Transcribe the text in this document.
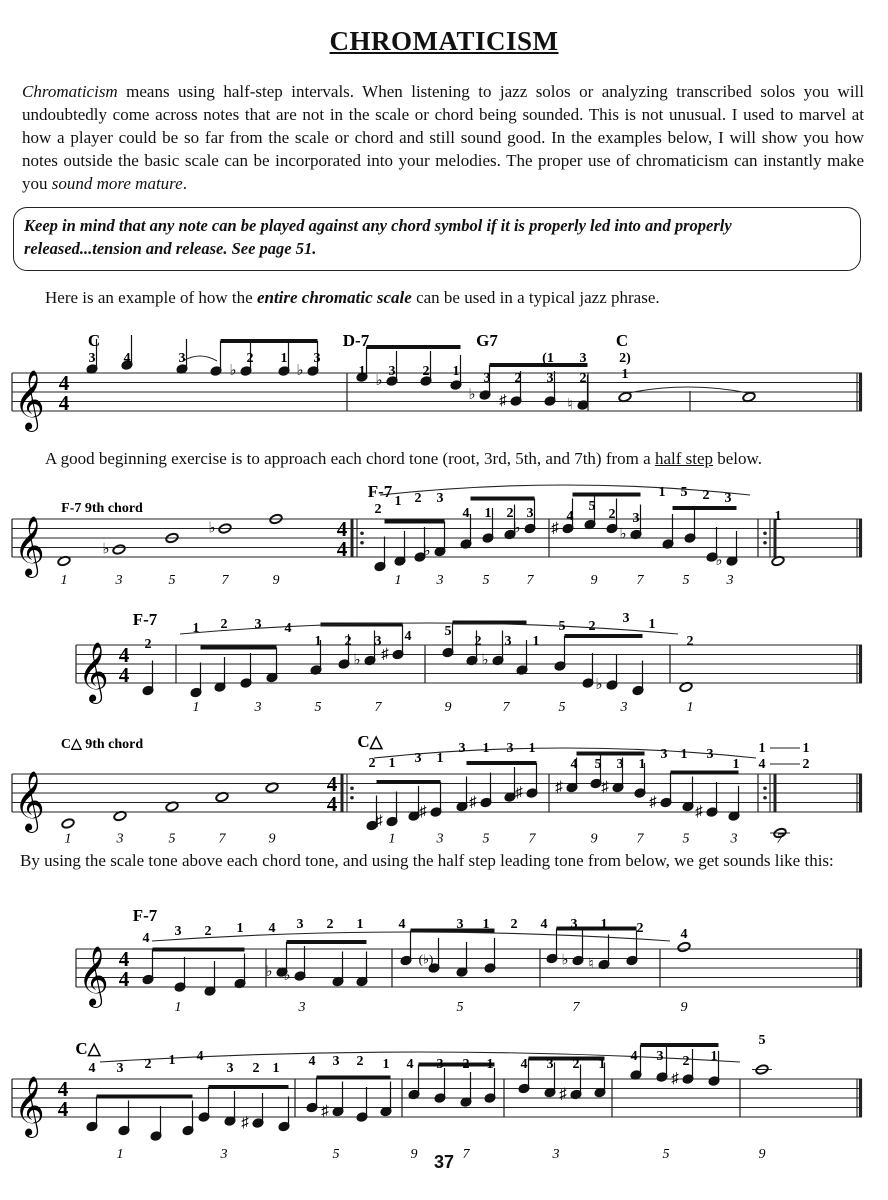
CHROMATICISM
Chromaticism means using half-step intervals. When listening to jazz solos or analyzing transcribed solos you will undoubtedly come across notes that are not in the scale or chord being sounded. This is not unusual. I used to marvel at how a player could be so far from the scale or chord and still sound good. In the examples below, I will show you how notes outside the basic scale can be incorporated into your melodies. The proper use of chromaticism can instantly make you sound more mature.

Keep in mind that any note can be played against any chord symbol if it is properly led into and properly released...tension and release. See page 51.

Here is an example of how the entire chromatic scale can be used in a typical jazz phrase.
A good beginning exercise is to approach each chord tone (root, 3rd, 5th, and 7th) from a half step below.
By using the scale tone above each chord tone, and using the half step leading tone from below, we get sounds like this:
♭	♭
♭
♭ ♯	♮
♭
♭
♭
♭ ♯	♭
♭
♭ ♯	♭
♭
♯
♯
♯
♯ ♯	♯
♯
♯
♭ ♭
♭ ♮
♯
♯
♯
♯
𝄞 4
4
C	D-7	G7	C
3 4	3	2 1 3
1 3 2 1 3 2 3 2
(1 3 2)
1
𝄞
F-7 9th chord
F-7
1	3	5	7	9
4
4
2
1 2 3
4 1 2 3 4
5
2 3
1 5 2 3
1
1	3	5	7	9	7	5	3
𝄞 4
4
F-7
2
1 2 3 4
1 2 3 4 5
2 3 1
5 2
3 1
2
1	3	5	7	9	7	5	3	1
𝄞
C△ 9th chord	C△
1	3	5	7	9
4
4
2 1 3 1
3 1 3 1
4 5 3 1
3 1 3	1
4
1
1
2
1	3	5	7	9	7	5	3	7
𝄞 4
4
F-7
(♭)
4 3 2 1 4 3 2 1	4	3 1 2 4 3 1 2	4
1	3	5	7	9
𝄞 4
4
C△
4 3 2 1 4
3 2 1 4 3 2 1 4 3 2 1 4 3 2 1
4 3 2 1
5
1	3	5	9	7	3	5	9
37
